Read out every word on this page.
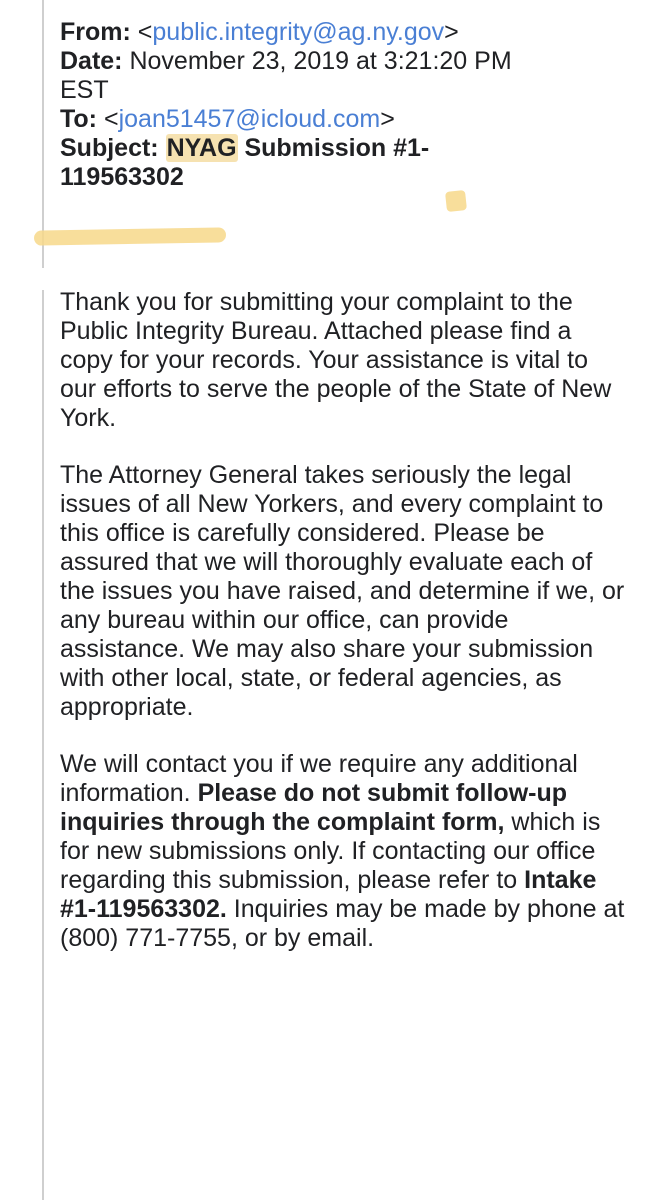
From: <public.integrity@ag.ny.gov>
Date: November 23, 2019 at 3:21:20 PM
EST
To: <joan51457@icloud.com>
Subject: NYAG Submission #1-
119563302

Thank you for submitting your complaint to the Public Integrity Bureau. Attached please find a copy for your records. Your assistance is vital to our efforts to serve the people of the State of New York.

The Attorney General takes seriously the legal issues of all New Yorkers, and every complaint to this office is carefully considered. Please be assured that we will thoroughly evaluate each of the issues you have raised, and determine if we, or any bureau within our office, can provide assistance. We may also share your submission with other local, state, or federal agencies, as appropriate.

We will contact you if we require any additional information. Please do not submit follow-up inquiries through the complaint form, which is for new submissions only. If contacting our office regarding this submission, please refer to Intake #1-119563302. Inquiries may be made by phone at (800) 771-7755, or by email.
